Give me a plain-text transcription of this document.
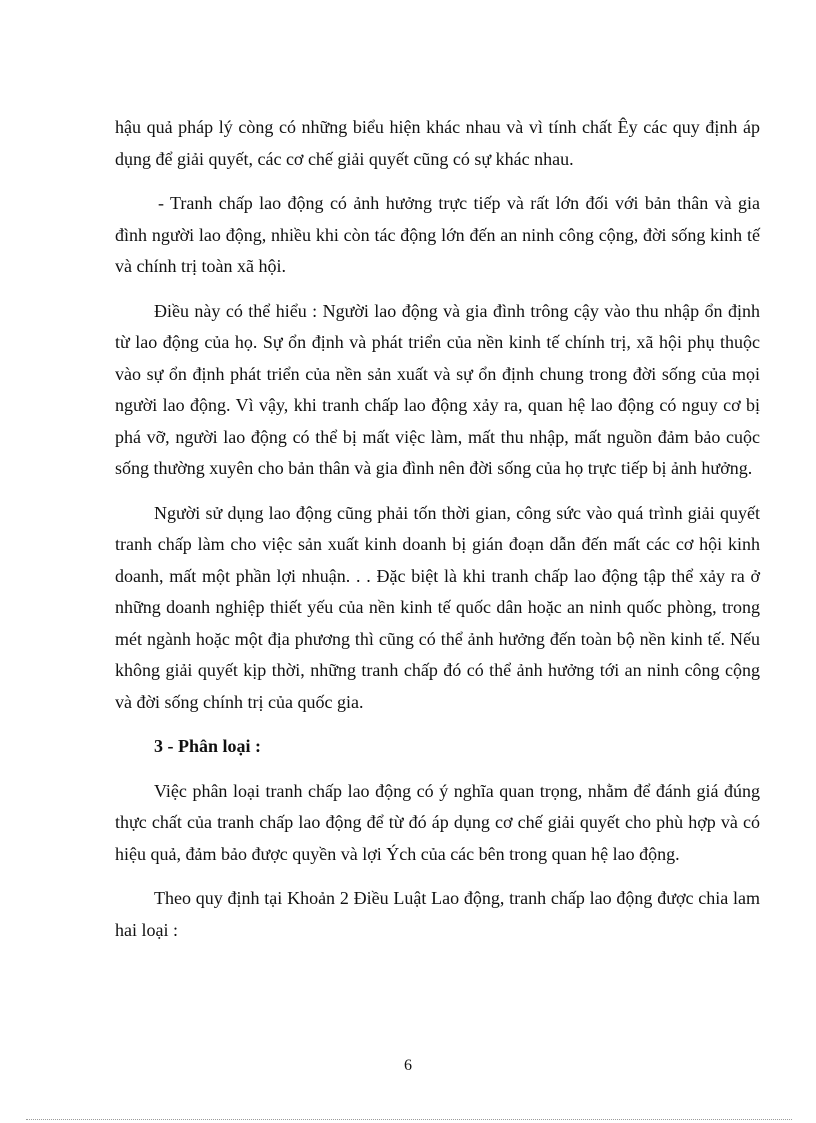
hậu quả pháp lý còng có những biểu hiện khác nhau và vì tính chất Êy các quy định áp dụng để giải quyết, các cơ chế giải quyết cũng có sự khác nhau.

- Tranh chấp lao động có ảnh hưởng trực tiếp và rất lớn đối với bản thân và gia đình người lao động, nhiều khi còn tác động lớn đến an ninh công cộng, đời sống kinh tế và chính trị toàn xã hội.

Điều này có thể hiểu : Người lao động và gia đình trông cậy vào thu nhập ổn định từ lao động của họ. Sự ổn định và phát triển của nền kinh tế chính trị, xã hội phụ thuộc vào sự ổn định phát triển của nền sản xuất và sự ổn định chung trong đời sống của mọi người lao động. Vì vậy, khi tranh chấp lao động xảy ra, quan hệ lao động có nguy cơ bị phá vỡ, người lao động có thể bị mất việc làm, mất thu nhập, mất nguồn đảm bảo cuộc sống thường xuyên cho bản thân và gia đình nên đời sống của họ trực tiếp bị ảnh hưởng.

Người sử dụng lao động cũng phải tốn thời gian, công sức vào quá trình giải quyết tranh chấp làm cho việc sản xuất kinh doanh bị gián đoạn dẫn đến mất các cơ hội kinh doanh, mất một phần lợi nhuận. . . Đặc biệt là khi tranh chấp lao động tập thể xảy ra ở những doanh nghiệp thiết yếu của nền kinh tế quốc dân hoặc an ninh quốc phòng, trong mét ngành hoặc một địa phương thì cũng có thể ảnh hưởng đến toàn bộ nền kinh tế. Nếu không giải quyết kịp thời, những tranh chấp đó có thể ảnh hưởng tới an ninh công cộng và đời sống chính trị của quốc gia.

3 - Phân loại :

Việc phân loại tranh chấp lao động có ý nghĩa quan trọng, nhằm để đánh giá đúng thực chất của tranh chấp lao động để từ đó áp dụng cơ chế giải quyết cho phù hợp và có hiệu quả, đảm bảo được quyền và lợi Ých của các bên trong quan hệ lao động.

Theo quy định tại Khoản 2 Điều Luật Lao động, tranh chấp lao động được chia lam hai loại :

6
